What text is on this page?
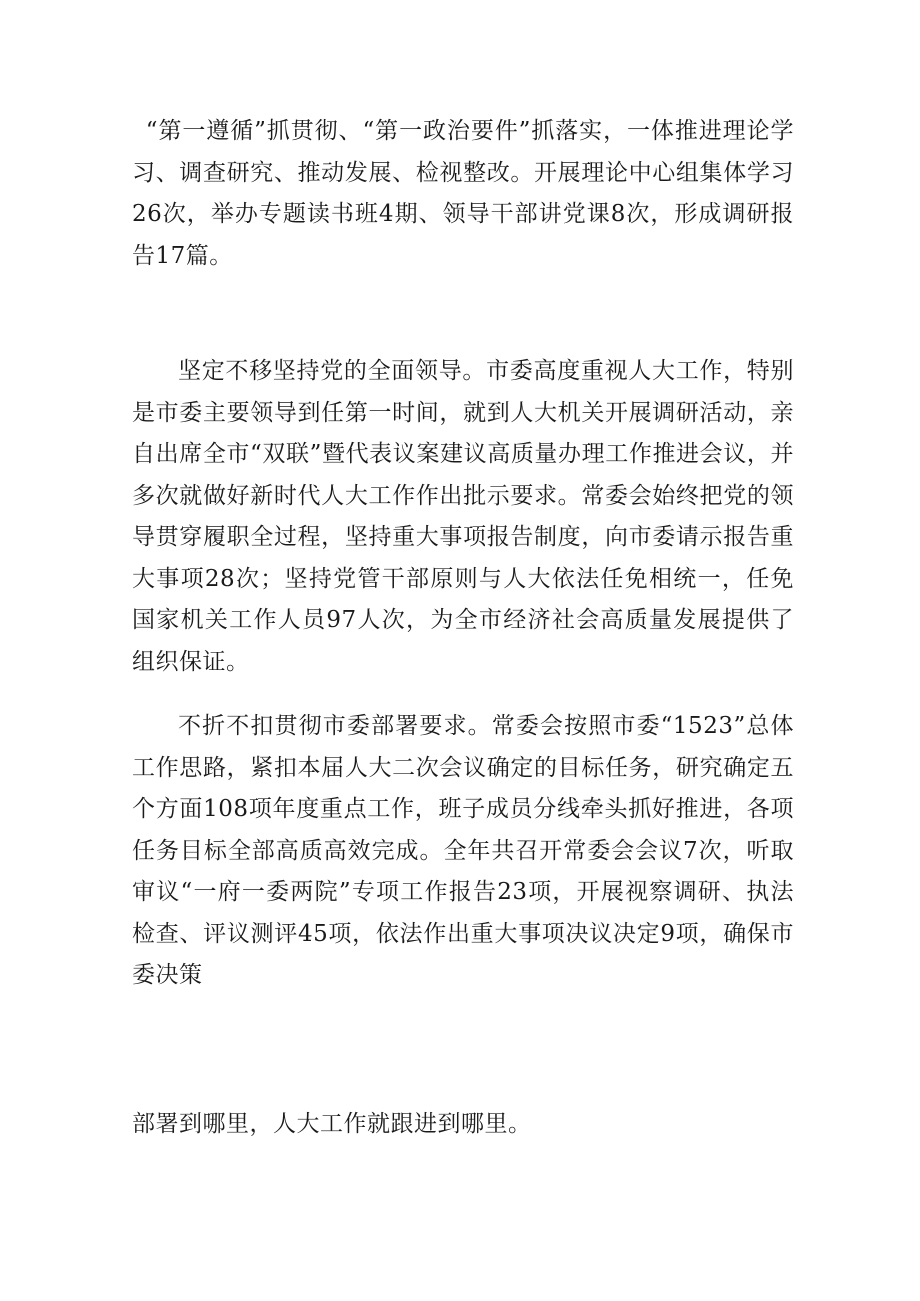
“第一遵循”抓贯彻、“第一政治要件”抓落实，一体推进理论学习、调查研究、推动发展、检视整改。开展理论中心组集体学习26次，举办专题读书班4期、领导干部讲党课8次，形成调研报告17篇。

坚定不移坚持党的全面领导。市委高度重视人大工作，特别是市委主要领导到任第一时间，就到人大机关开展调研活动，亲自出席全市“双联”暨代表议案建议高质量办理工作推进会议，并多次就做好新时代人大工作作出批示要求。常委会始终把党的领导贯穿履职全过程，坚持重大事项报告制度，向市委请示报告重大事项28次；坚持党管干部原则与人大依法任免相统一，任免国家机关工作人员97人次，为全市经济社会高质量发展提供了组织保证。

不折不扣贯彻市委部署要求。常委会按照市委“1523”总体工作思路，紧扣本届人大二次会议确定的目标任务，研究确定五个方面108项年度重点工作，班子成员分线牵头抓好推进，各项任务目标全部高质高效完成。全年共召开常委会会议7次，听取审议“一府一委两院”专项工作报告23项，开展视察调研、执法检查、评议测评45项，依法作出重大事项决议决定9项，确保市委决策

部署到哪里，人大工作就跟进到哪里。
